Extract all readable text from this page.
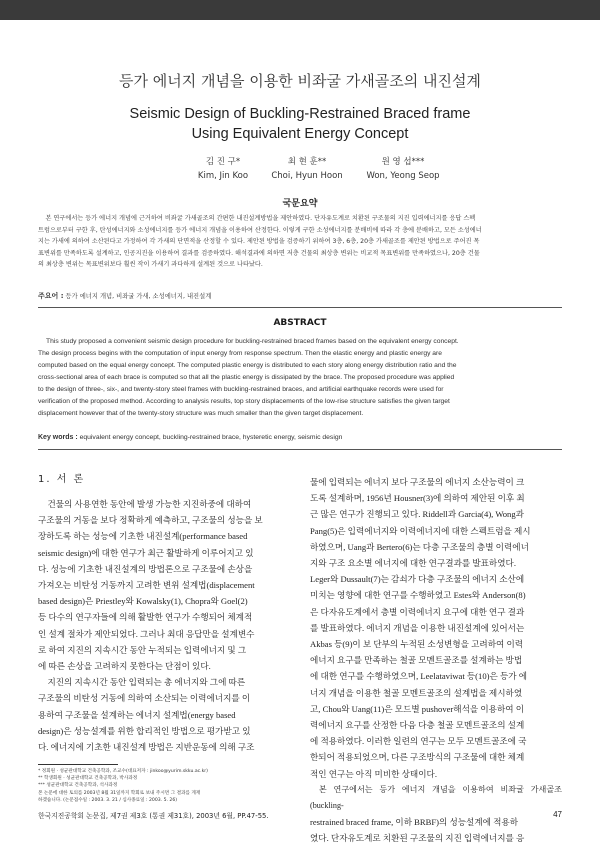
등가 에너지 개념을 이용한 비좌굴 가새골조의 내진설계
Seismic Design of Buckling-Restrained Braced frame
Using Equivalent Energy Concept
김 진 구*
Kim, Jin Koo
최 현 훈**
Choi, Hyun Hoon
원 영 섭***
Won, Yeong Seop
국문요약
본 연구에서는 등가 에너지 개념에 근거하여 비좌굴 가새골조의 간편한 내진설계방법을 제안하였다. 단자유도계로 치환된 구조물의 지진 입력에너지를 응답 스펙
트럼으로부터 구한 후, 탄성에너지와 소성에너지를 등가 에너지 개념을 이용하여 산정한다. 이렇게 구한 소성에너지를 분배비에 따라 각 층에 분배하고, 모든 소성에너
지는 가새에 의하여 소산된다고 가정하여 각 가새의 단면적을 산정할 수 있다. 제안된 방법을 검증하기 위하여 3층, 6층, 20층 가새골조를 제안된 방법으로 주어진 목
표변위를 만족하도록 설계하고, 인공지진을 이용하여 결과를 검증하였다. 해석결과에 의하면 저층 건물의 최상층 변위는 비교적 목표변위를 만족하였으나, 20층 건물
의 최상층 변위는 목표변위보다 훨씬 작이 가새기 과다하게 설계된 것으로 나타났다.
주요어 : 등가 에너지 개념, 비좌굴 가새, 소성에너지, 내진설계
ABSTRACT
This study proposed a convenient seismic design procedure for buckling-restrained braced frames based on the equivalent energy concept.
The design process begins with the computation of input energy from response spectrum. Then the elastic energy and plastic energy are
computed based on the equal energy concept. The computed plastic energy is distributed to each story along energy distribution ratio and the
cross-sectional area of each brace is computed so that all the plastic energy is dissipated by the brace. The proposed procedure was applied
to the design of three-, six-, and twenty-story steel frames with buckling-restrained braces, and artificial earthquake records were used for
verification of the proposed method. According to analysis results, top story displacements of the low-rise structure satisfies the given target
displacement however that of the twenty-story structure was much smaller than the given target displacement.
Key words : equivalent energy concept, buckling-restrained brace, hysteretic energy, seismic design
1. 서 론
건물의 사용연한 동안에 발생 가능한 지진하중에 대하여
구조물의 거동을 보다 정확하게 예측하고, 구조물의 성능을 보
장하도록 하는 성능에 기초한 내진설계(performance based
seismic design)에 대한 연구가 최근 활발하게 이루어지고 있
다. 성능에 기초한 내진설계의 방법론으로 구조물에 손상을
가져오는 비탄성 거동까지 고려한 변위 설계법(displacement
based design)은 Priestley와 Kowalsky(1), Chopra와 Goel(2)
등 다수의 연구자들에 의해 활발한 연구가 수행되어 체계적
인 설계 절차가 제안되었다. 그러나 최대 응답만을 설계변수
로 하여 지진의 지속시간 동안 누적되는 입력에너지 및 그
에 따른 손상을 고려하지 못한다는 단점이 있다.
지진의 지속시간 동안 입력되는 총 에너지와 그에 따른
구조물의 비탄성 거동에 의하여 소산되는 이력에너지를 이
용하여 구조물을 설계하는 에너지 설계법(energy based
design)은 성능설계를 위한 합리적인 방법으로 평가받고 있
다. 에너지에 기초한 내진설계 방법은 지반운동에 의해 구조
물에 입력되는 에너지 보다 구조물의 에너지 소산능력이 크
도록 설계하며, 1956년 Housner(3)에 의하여 제안된 이후 최
근 많은 연구가 진행되고 있다. Riddell과 Garcia(4), Wong과
Pang(5)은 입력에너지와 이력에너지에 대한 스펙트럼을 제시
하였으며, Uang과 Bertero(6)는 다층 구조물의 층별 이력에너
지와 구조 요소별 에너지에 대한 연구결과를 발표하였다.
Leger와 Dussault(7)는 감쇠가 다층 구조물의 에너지 소산에
미치는 영향에 대한 연구를 수행하였고 Estes와 Anderson(8)
은 다자유도계에서 층별 이력에너지 요구에 대한 연구 결과
를 발표하였다. 에너지 개념을 이용한 내진설계에 있어서는
Akbas 등(9)이 보 단부의 누적된 소성변형을 고려하여 이력
에너지 요구를 만족하는 철골 모멘트골조를 설계하는 방법
에 대한 연구를 수행하였으며, Leelataviwat 등(10)은 등가 에
너지 개념을 이용한 철골 모멘트골조의 설계법을 제시하였
고, Chou와 Uang(11)은 모드별 pushover해석을 이용하여 이
력에너지 요구를 산정한 다음 다층 철골 모멘트골조의 설계
에 적용하였다. 이러한 일련의 연구는 모두 모멘트골조에 국
한되어 적용되었으며, 다른 구조방식의 구조물에 대한 체계
적인 연구는 아직 미비한 상태이다.
본 연구에서는 등가 에너지 개념을 이용하여 비좌굴 가새골조(buckling-
restrained braced frame, 이하 BRBF)의 성능설계에 적용하
였다. 단자유도계로 치환된 구조물의 지진 입력에너지를 응
* 정회원 · 성균관대학교 건축공학과, 조교수(대표저자 : jinkoo@yurim.skku.ac.kr)
** 학생회원 · 성균관대학교 건축공학과, 박사과정
*** 성균관대학교 건축공학과, 석사과정
본 논문에 대한 토의를 2003년 8월 31일까지 학회로 보내 주시면 그 결과를 게재
하겠습니다. (논문접수일 : 2003. 3. 21 / 심사종료일 : 2003. 5. 26)
한국지진공학회 논문집, 제7권 제3호 (통권 제31호), 2003년 6월, PP.47-55.	47
